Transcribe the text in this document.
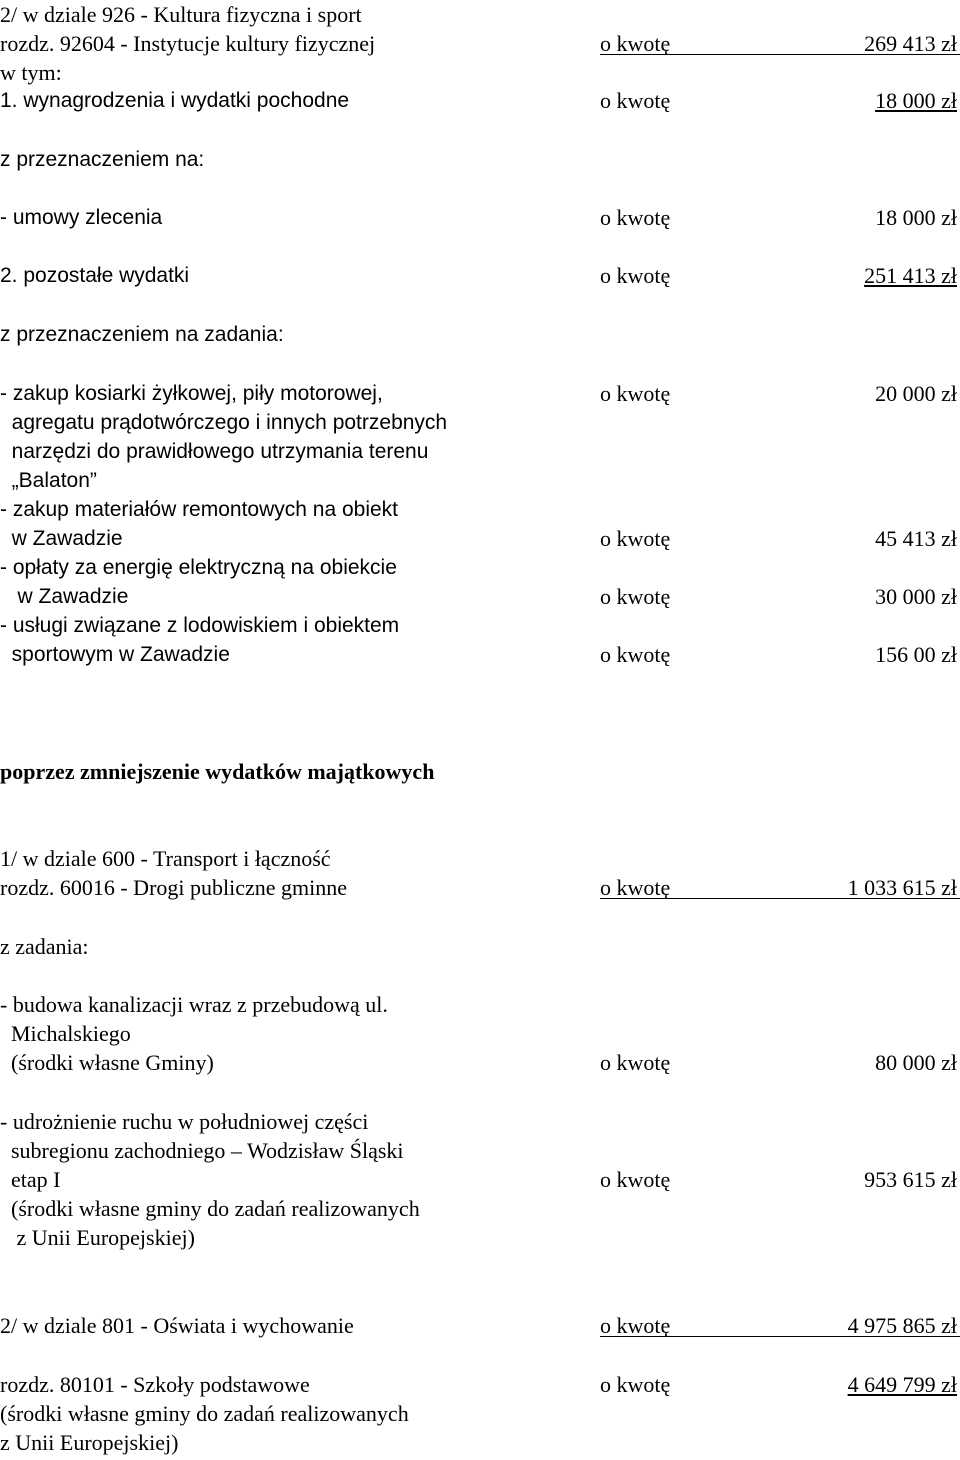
2/ w dziale 926 - Kultura fizyczna i sport
rozdz. 92604 - Instytucje kultury fizycznej	o kwotę	269 413 zł
w tym:
1. wynagrodzenia i wydatki pochodne	o kwotę	18 000 zł
z przeznaczeniem na:
- umowy zlecenia	o kwotę	18 000 zł
2. pozostałe wydatki	o kwotę	251 413 zł
z przeznaczeniem na zadania:
- zakup kosiarki żyłkowej, piły motorowej,	o kwotę	20 000 zł
agregatu prądotwórczego i innych potrzebnych
narzędzi do prawidłowego utrzymania terenu
„Balaton”
- zakup materiałów remontowych na obiekt
w Zawadzie	o kwotę	45 413 zł
- opłaty za energię elektryczną na obiekcie
w Zawadzie	o kwotę	30 000 zł
- usługi związane z lodowiskiem i obiektem
sportowym w Zawadzie	o kwotę	156 00 zł
poprzez zmniejszenie wydatków majątkowych
1/ w dziale 600 - Transport i łączność
rozdz. 60016 - Drogi publiczne gminne	o kwotę	1 033 615 zł
z zadania:
- budowa kanalizacji wraz z przebudową ul.
Michalskiego
(środki własne Gminy)	o kwotę	80 000 zł
- udrożnienie ruchu w południowej części
subregionu zachodniego – Wodzisław Śląski
etap I	o kwotę	953 615 zł
(środki własne gminy do zadań realizowanych
z Unii Europejskiej)
2/ w dziale 801 - Oświata i wychowanie	o kwotę	4 975 865 zł
rozdz. 80101 - Szkoły podstawowe	o kwotę	4 649 799 zł
(środki własne gminy do zadań realizowanych
z Unii Europejskiej)
